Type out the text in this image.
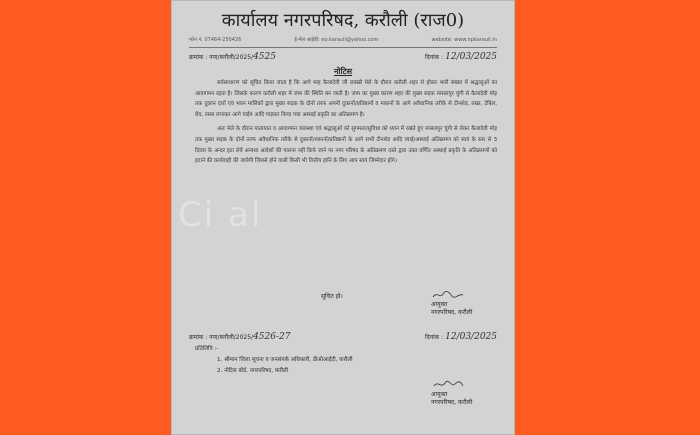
कार्यालय नगरपरिषद, करौली (राज0)
फोन नं. 07464-250426	ई-मेल आईडी: eo.karauli@yahoo.com	website: www.npkarauli.in
क्रमांक : नपा/करौली/2025/4525	दिनांक : 12/03/2025
नोटिस

सर्वसाधारण को सूचित किया जाता है कि आगे माह कैलादेवी जी लक्खी मेले के दौरान करौली शहर से होकर भारी संख्या में श्रद्धालुओं का आवागमन रहता है। जिसके कारण करौली शहर में जाम की स्थिति बन जाती है। जाम का मुख्य कारण शहर की मुख्य सड़क मासलपुर चुंगी से कैलादेवी मोड़ तक दुकान दारों एवं भवन मालिकों द्वारा मुख्य सड़क के दोनों तरफ अपनी दुकानों/प्रतिष्ठानों व मकानों के आगे अवैधानिक तरीके से टीनशेड, तख्त, टेबिल, बेंच, रस्सा लगाकर आगे पाईप आदि गाड़कर किया गया अस्थाई प्रकृति का अतिक्रमण है।

अतः मेले के दौरान यातायात व आवागमन व्यवस्था एवं श्रद्धालुओं को सुगमता/सुविधा को ध्यान में रखते हुए मासलपुर चुंगी से लेकर कैलादेवी मोड़ तक मुख्य सड़क के दोनों तरफ अवैधानिक तरीके से दुकानों/मकानों/प्रतिष्ठानों के आगे सभी टीनशेड आदि व्याई/अस्थाई अतिक्रमण को स्वयं के स्तर से 3 दिवस के अन्दर हटा लेवें अन्यथा आदेशों की पालना नहीं किये जाने पर नगर परिषद के अतिक्रमण दस्ते द्वारा उक्त वर्णित अस्थाई प्रकृति के अतिक्रमणों को हटाने की कार्यवाही की जायेगी जिससे होने वाली किसी भी वित्तीय हानि के लिए आप स्वयं जिम्मेदार होंगे।

सूचित हो।
आयुक्त
नगरपरिषद, करौली
क्रमांक : नपा/करौली/2025/4526-27	दिनांक : 12/03/2025
प्रतिलिपि :-
1. श्रीमान जिला सूचना व जनसंपर्क अधिकारी, डीओआईटी, करौली
2. नोटिस बोर्ड, नगरपरिषद, करौली
आयुक्त
नगरपरिषद, करौली
Ci al
